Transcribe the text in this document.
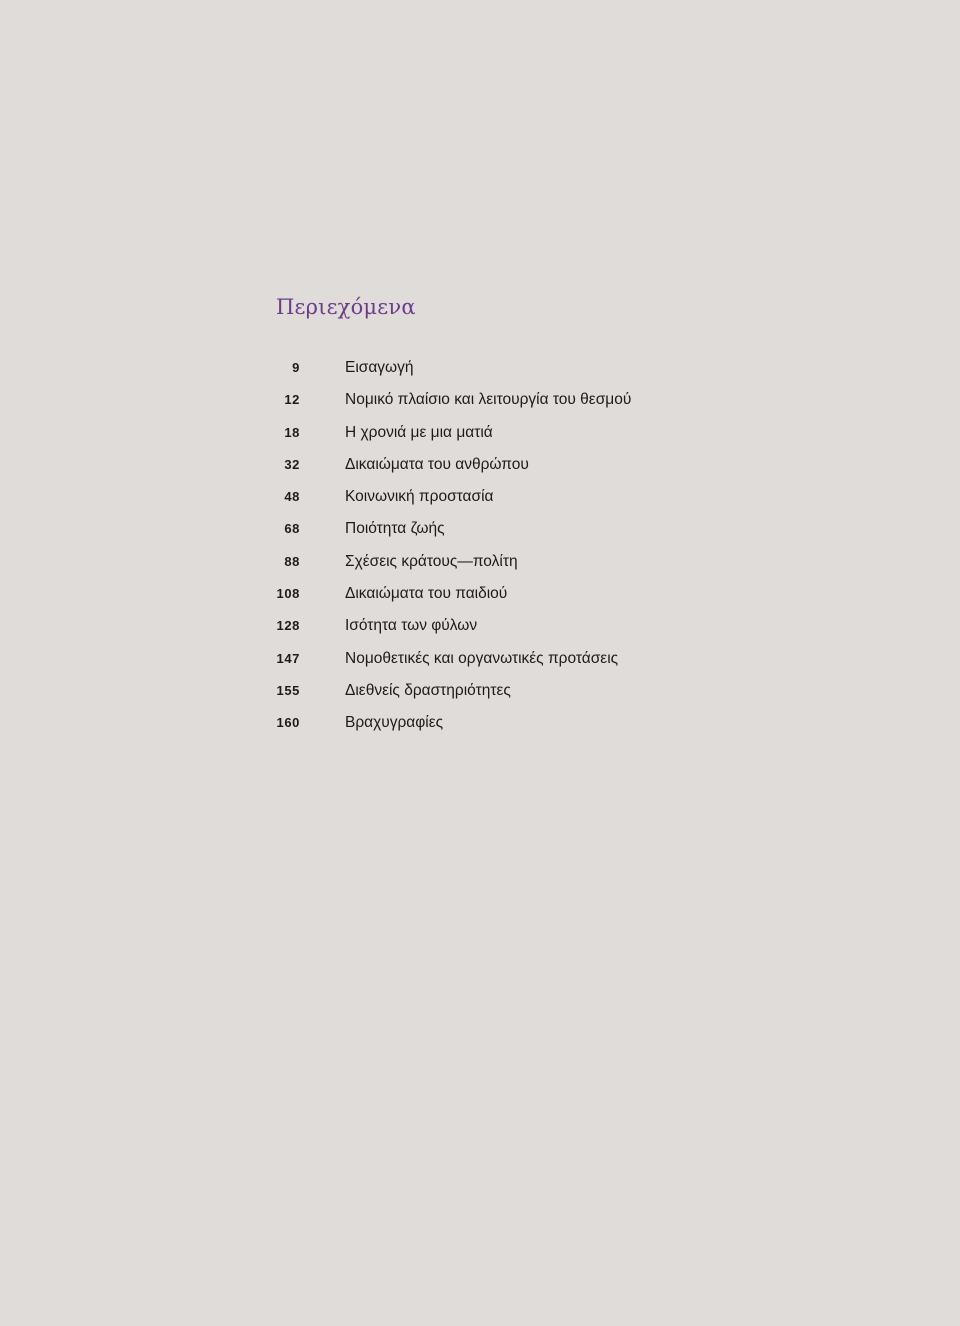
Περιεχόμενα
9	Εισαγωγή
12	Νομικό πλαίσιο και λειτουργία του θεσμού
18	Η χρονιά με μια ματιά
32	Δικαιώματα του ανθρώπου
48	Κοινωνική προστασία
68	Ποιότητα ζωής
88	Σχέσεις κράτους—πολίτη
108	Δικαιώματα του παιδιού
128	Ισότητα των φύλων
147	Νομοθετικές και οργανωτικές προτάσεις
155	Διεθνείς δραστηριότητες
160	Βραχυγραφίες
